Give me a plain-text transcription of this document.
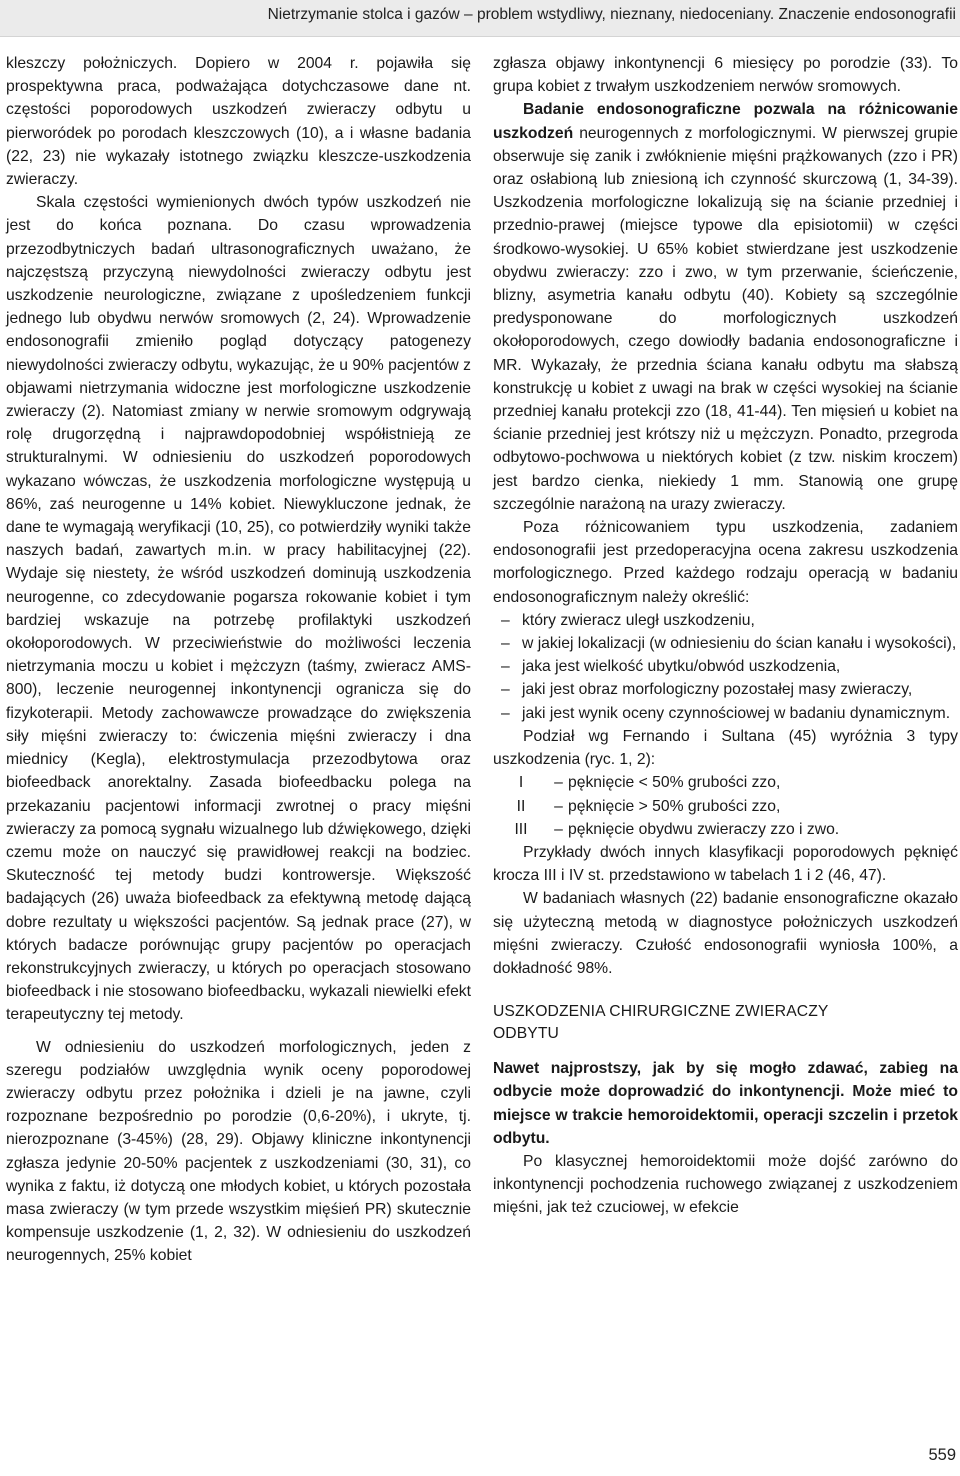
Nietrzymanie stolca i gazów – problem wstydliwy, nieznany, niedoceniany. Znaczenie endosonografii

kleszczy położniczych. Dopiero w 2004 r. pojawiła się prospektywna praca, podważająca dotychczasowe dane nt. częstości poporodowych uszkodzeń zwieraczy odbytu u pierworódek po porodach kleszczowych (10), a i własne badania (22, 23) nie wykazały istotnego związku kleszcze-uszkodzenia zwieraczy.

Skala częstości wymienionych dwóch typów uszkodzeń nie jest do końca poznana. Do czasu wprowadzenia przezodbytniczych badań ultrasonograficznych uważano, że najczęstszą przyczyną niewydolności zwieraczy odbytu jest uszkodzenie neurologiczne, związane z upośledzeniem funkcji jednego lub obydwu nerwów sromowych (2, 24). Wprowadzenie endosonografii zmieniło pogląd dotyczący patogenezy niewydolności zwieraczy odbytu, wykazując, że u 90% pacjentów z objawami nietrzymania widoczne jest morfologiczne uszkodzenie zwieraczy (2). Natomiast zmiany w nerwie sromowym odgrywają rolę drugorzędną i najprawdopodobniej współistnieją ze strukturalnymi. W odniesieniu do uszkodzeń poporodowych wykazano wówczas, że uszkodzenia morfologiczne występują u 86%, zaś neurogenne u 14% kobiet. Niewykluczone jednak, że dane te wymagają weryfikacji (10, 25), co potwierdziły wyniki także naszych badań, zawartych m.in. w pracy habilitacyjnej (22). Wydaje się niestety, że wśród uszkodzeń dominują uszkodzenia neurogenne, co zdecydowanie pogarsza rokowanie kobiet i tym bardziej wskazuje na potrzebę profilaktyki uszkodzeń okołoporodowych. W przeciwieństwie do możliwości leczenia nietrzymania moczu u kobiet i mężczyzn (taśmy, zwieracz AMS-800), leczenie neurogennej inkontynencji ogranicza się do fizykoterapii. Metody zachowawcze prowadzące do zwiększenia siły mięśni zwieraczy to: ćwiczenia mięśni zwieraczy i dna miednicy (Kegla), elektrostymulacja przezodbytowa oraz biofeedback anorektalny. Zasada biofeedbacku polega na przekazaniu pacjentowi informacji zwrotnej o pracy mięśni zwieraczy za pomocą sygnału wizualnego lub dźwiękowego, dzięki czemu może on nauczyć się prawidłowej reakcji na bodziec. Skuteczność tej metody budzi kontrowersje. Większość badających (26) uważa biofeedback za efektywną metodę dającą dobre rezultaty u większości pacjentów. Są jednak prace (27), w których badacze porównując grupy pacjentów po operacjach rekonstrukcyjnych zwieraczy, u których po operacjach stosowano biofeedback i nie stosowano biofeedbacku, wykazali niewielki efekt terapeutyczny tej metody.

W odniesieniu do uszkodzeń morfologicznych, jeden z szeregu podziałów uwzględnia wynik oceny poporodowej zwieraczy odbytu przez położnika i dzieli je na jawne, czyli rozpoznane bezpośrednio po porodzie (0,6-20%), i ukryte, tj. nierozpoznane (3-45%) (28, 29). Objawy kliniczne inkontynencji zgłasza jedynie 20-50% pacjentek z uszkodzeniami (30, 31), co wynika z faktu, iż dotyczą one młodych kobiet, u których pozostała masa zwieraczy (w tym przede wszystkim mięśień PR) skutecznie kompensuje uszkodzenie (1, 2, 32). W odniesieniu do uszkodzeń neurogennych, 25% kobiet

zgłasza objawy inkontynencji 6 miesięcy po porodzie (33). To grupa kobiet z trwałym uszkodzeniem nerwów sromowych.

Badanie endosonograficzne pozwala na różnicowanie uszkodzeń neurogennych z morfologicznymi. W pierwszej grupie obserwuje się zanik i zwłóknienie mięśni prążkowanych (zzo i PR) oraz osłabioną lub zniesioną ich czynność skurczową (1, 34-39). Uszkodzenia morfologiczne lokalizują się na ścianie przedniej i przednio-prawej (miejsce typowe dla episiotomii) w części środkowo-wysokiej. U 65% kobiet stwierdzane jest uszkodzenie obydwu zwieraczy: zzo i zwo, w tym przerwanie, ścieńczenie, blizny, asymetria kanału odbytu (40). Kobiety są szczególnie predysponowane do morfologicznych uszkodzeń okołoporodowych, czego dowiodły badania endosonograficzne i MR. Wykazały, że przednia ściana kanału odbytu ma słabszą konstrukcję u kobiet z uwagi na brak w części wysokiej na ścianie przedniej kanału protekcji zzo (18, 41-44). Ten mięsień u kobiet na ścianie przedniej jest krótszy niż u mężczyzn. Ponadto, przegroda odbytowo-pochwowa u niektórych kobiet (z tzw. niskim kroczem) jest bardzo cienka, niekiedy 1 mm. Stanowią one grupę szczególnie narażoną na urazy zwieraczy.

Poza różnicowaniem typu uszkodzenia, zadaniem endosonografii jest przedoperacyjna ocena zakresu uszkodzenia morfologicznego. Przed każdego rodzaju operacją w badaniu endosonograficznym należy określić:

– który zwieracz uległ uszkodzeniu,
– w jakiej lokalizacji (w odniesieniu do ścian kanału i wysokości),
– jaka jest wielkość ubytku/obwód uszkodzenia,
– jaki jest obraz morfologiczny pozostałej masy zwieraczy,
– jaki jest wynik oceny czynnościowej w badaniu dynamicznym.

Podział wg Fernando i Sultana (45) wyróżnia 3 typy uszkodzenia (ryc. 1, 2):

I	– pęknięcie < 50% grubości zzo,
II	– pęknięcie > 50% grubości zzo,
III	– pęknięcie obydwu zwieraczy zzo i zwo.

Przykłady dwóch innych klasyfikacji poporodowych pęknięć krocza III i IV st. przedstawiono w tabelach 1 i 2 (46, 47).

W badaniach własnych (22) badanie ensonograficzne okazało się użyteczną metodą w diagnostyce położniczych uszkodzeń mięśni zwieraczy. Czułość endosonografii wyniosła 100%, a dokładność 98%.

USZKODZENIA CHIRURGICZNE ZWIERACZY
ODBYTU

Nawet najprostszy, jak by się mogło zdawać, zabieg na odbycie może doprowadzić do inkontynencji. Może mieć to miejsce w trakcie hemoroidektomii, operacji szczelin i przetok odbytu.

Po klasycznej hemoroidektomii może dojść zarówno do inkontynencji pochodzenia ruchowego związanej z uszkodzeniem mięśni, jak też czuciowej, w efekcie

559
